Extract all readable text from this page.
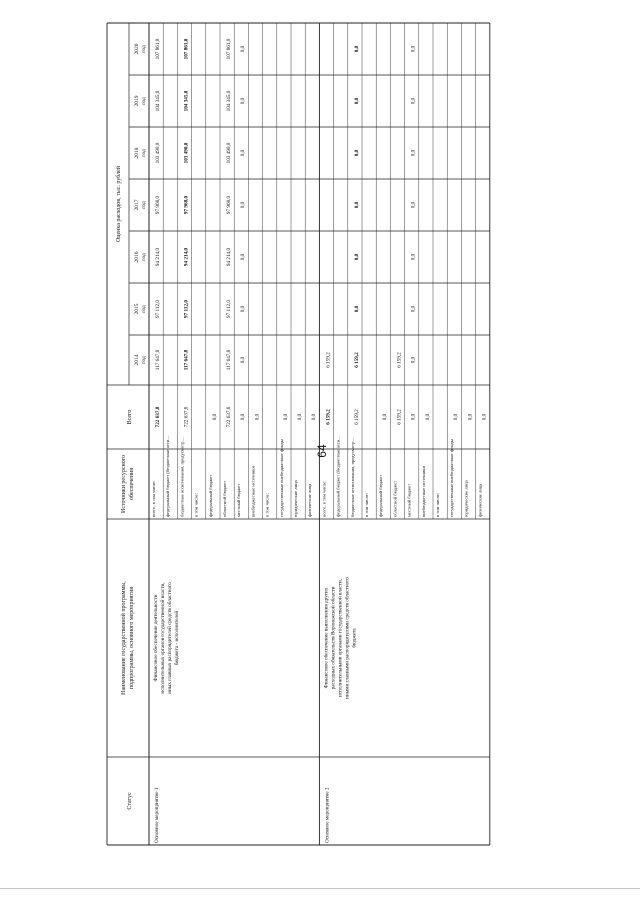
Статус
Наименование государственной программы, подпрограммы, основного мероприятия
Источники ресурсного обеспечения
Оценка расходов, тыс. рублей
Всего
2014 год
2015 год
2016 год
2017 год
2018 год
2019 год
2020 год
Основное мероприятие 1
Финансовое обеспечение деятельности исполнительных органов государственной власти, иных главных распорядителей средств областного бюджета - исполнителей
всего, в том числе:
722 637,8
117 647,8
97 112,0
94 214,0
97 968,0
103 490,0
104 345,0
107 861,0
федеральный бюджет (бюджетные асси… бюджетные ассигнования, предусмотр…
722 637,8
117 647,8
97 112,0
94 214,0
97 968,0
103 490,0
104 345,0
107 861,0
в том числе: федеральный бюджет
0,0
областной бюджет
722 637,8
117 647,8
97 112,0
94 214,0
97 968,0
103 490,0
104 345,0
107 861,0
местный бюджет
0,0
0,0
0,0
0,0
0,0
0,0
0,0
0,0
внебюджетные источники
0,0
в том числе: государственные внебюджетные фонды
0,0
юридические лица
0,0
физические лица
0,0
Основное мероприятие 2
Финансовое обеспечение выполнения других расходных обязательств Воронежской области исполнительными органами государственной власти, иными главными распорядителями средств областного бюджета
всего, в том числе:
6 159,2
6 159,2
федеральный бюджет (бюджетные асси… бюджетные ассигнования, предусмотр…
6 159,2
6 159,2
0,0
0,0
0,0
0,0
0,0
0,0
в том числе: федеральный бюджет
0,0
областной бюджет
6 159,2
6 159,2
местный бюджет
0,0
0,0
0,0
0,0
0,0
0,0
0,0
0,0
внебюджетные источники
0,0
в том числе: государственные внебюджетные фонды
0,0
юридические лица
0,0
физические лица
0,0
64
